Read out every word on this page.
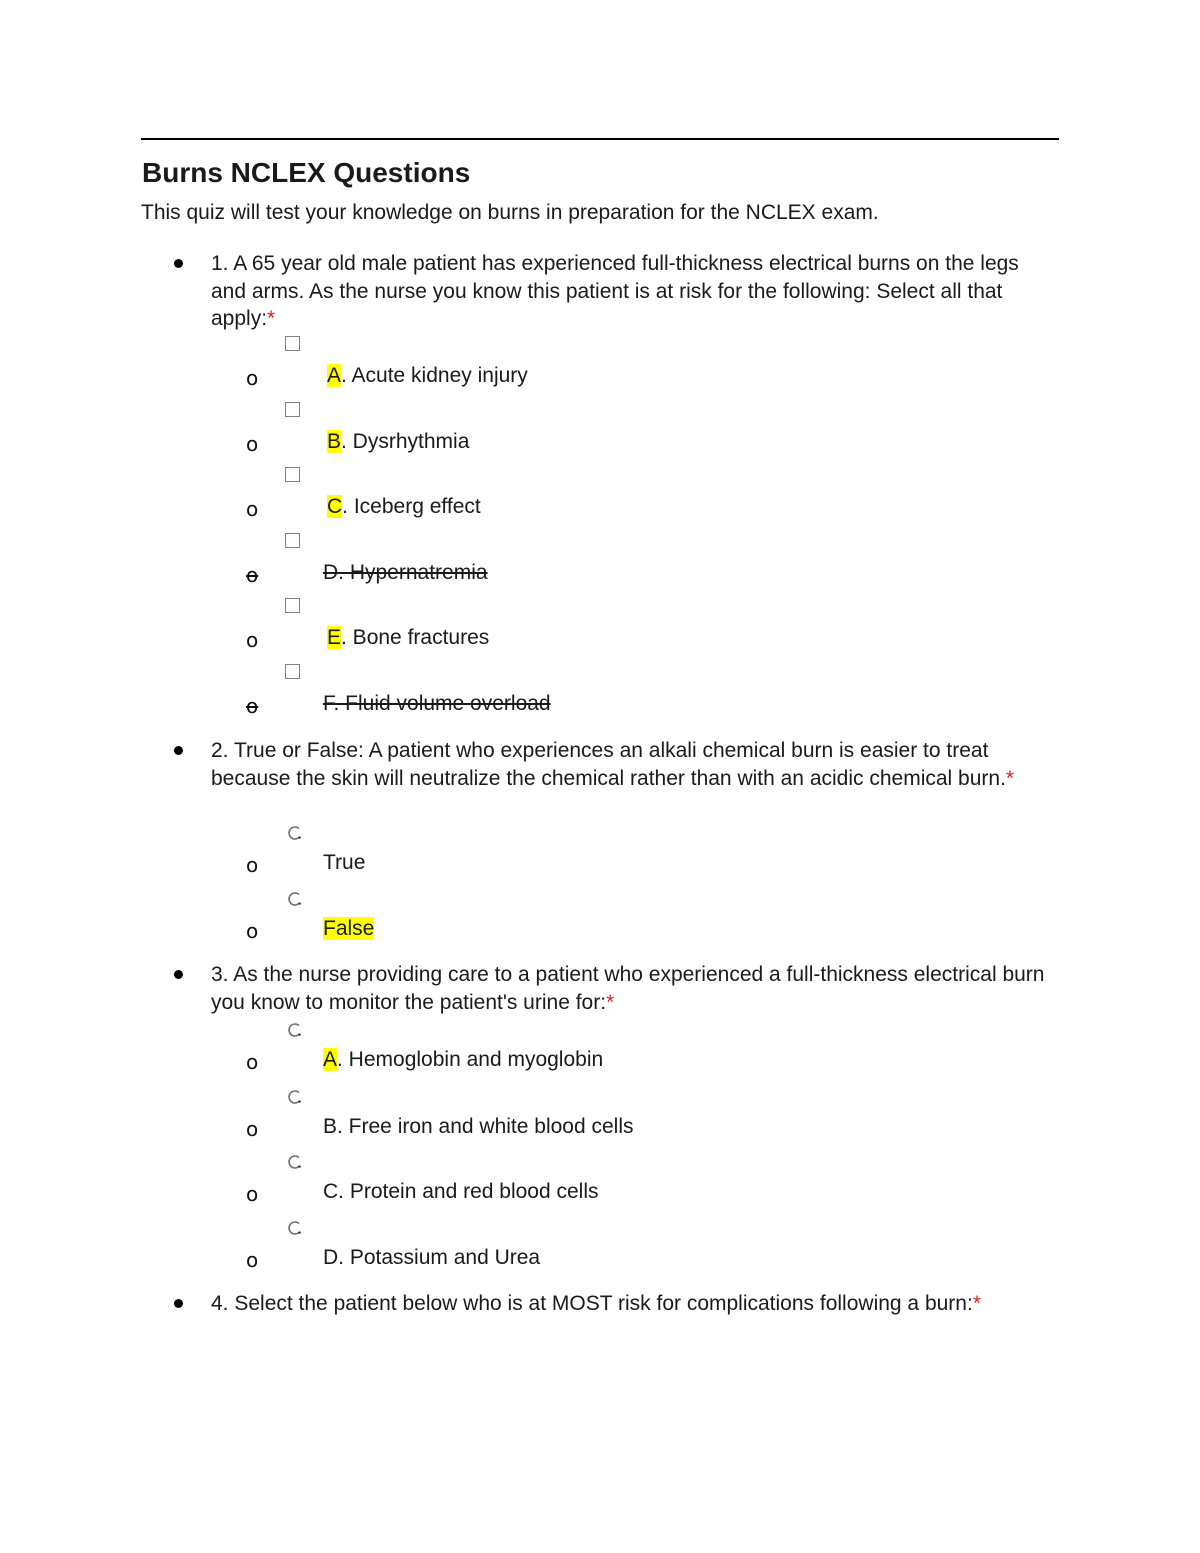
Burns NCLEX Questions

This quiz will test your knowledge on burns in preparation for the NCLEX exam.

1. A 65 year old male patient has experienced full-thickness electrical burns on the legs and arms. As the nurse you know this patient is at risk for the following: Select all that apply:*
o	A. Acute kidney injury
o	B. Dysrhythmia
o	C. Iceberg effect
o	D. Hypernatremia
o	E. Bone fractures
o	F. Fluid volume overload
2. True or False: A patient who experiences an alkali chemical burn is easier to treat because the skin will neutralize the chemical rather than with an acidic chemical burn.*
o	True
o	False
3. As the nurse providing care to a patient who experienced a full-thickness electrical burn you know to monitor the patient's urine for:*
o	A. Hemoglobin and myoglobin
o	B. Free iron and white blood cells
o	C. Protein and red blood cells
o	D. Potassium and Urea
4. Select the patient below who is at MOST risk for complications following a burn:*
